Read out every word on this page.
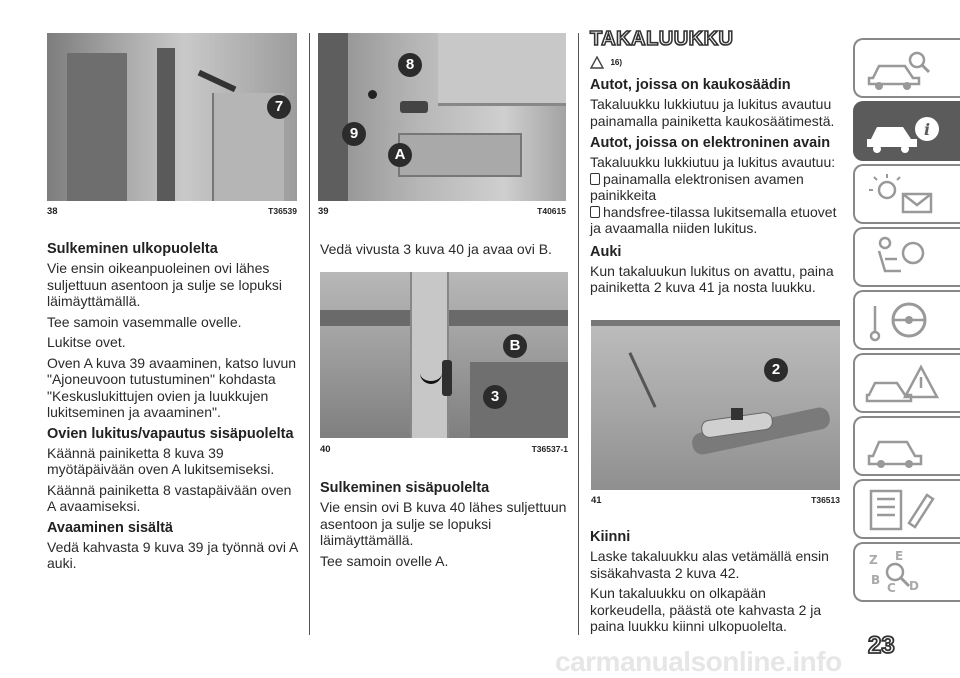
7
38	T36539
Sulkeminen ulkopuolelta

Vie ensin oikeanpuoleinen ovi lähes suljettuun asentoon ja sulje se lopuksi läimäyttämällä.

Tee samoin vasemmalle ovelle.

Lukitse ovet.

Oven A kuva 39 avaaminen, katso luvun "Ajoneuvoon tutustuminen" kohdasta "Keskuslukittujen ovien ja luukkujen lukitseminen ja avaaminen".

Ovien lukitus/vapautus sisäpuolelta

Käännä painiketta 8 kuva 39 myötäpäivään oven A lukitsemiseksi.

Käännä painiketta 8 vastapäivään oven A avaamiseksi.

Avaaminen sisältä

Vedä kahvasta 9 kuva 39 ja työnnä ovi A auki.

8
9
A
39	T40615

Vedä vivusta 3 kuva 40 ja avaa ovi B.

B
3
40	T36537-1
Sulkeminen sisäpuolelta

Vie ensin ovi B kuva 40 lähes suljettuun asentoon ja sulje se lopuksi läimäyttämällä.

Tee samoin ovelle A.

TAKALUUKKU
16)
Autot, joissa on kaukosäädin

Takaluukku lukkiutuu ja lukitus avautuu painamalla painiketta kaukosäätimestä.

Autot, joissa on elektroninen avain

Takaluukku lukkiutuu ja lukitus avautuu:

painamalla elektronisen avamen painikkeita

handsfree-tilassa lukitsemalla etuovet ja avaamalla niiden lukitus.

Auki

Kun takaluukun lukitus on avattu, paina painiketta 2 kuva 41 ja nosta luukku.

2
41	T36513
Kiinni

Laske takaluukku alas vetämällä ensin sisäkahvasta 2 kuva 42.

Kun takaluukku on olkapään korkeudella, päästä ote kahvasta 2 ja paina luukku kiinni ulkopuolelta.

i
Z E
B
C D
23
carmanualsonline.info
